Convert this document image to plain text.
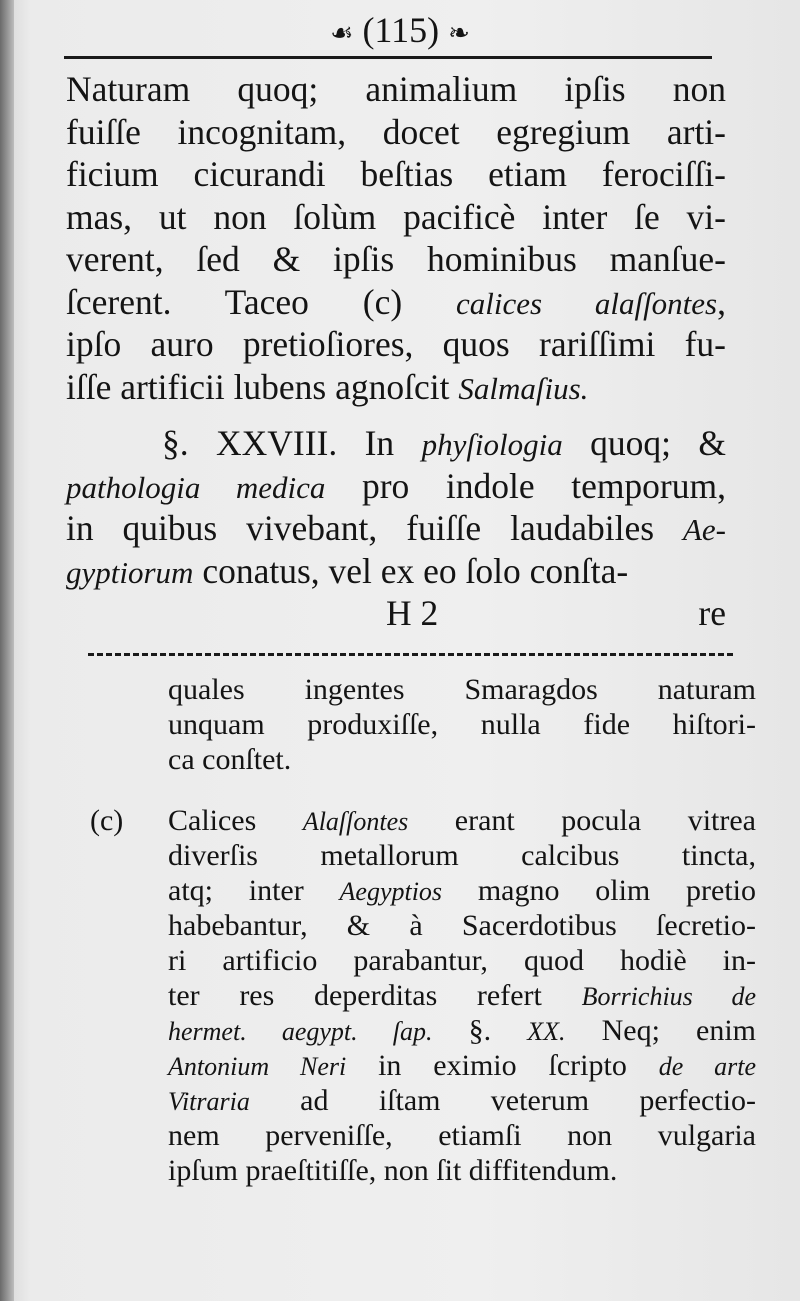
☙ (115) ❧
Naturam quoq; animalium ipſis non
fuiſſe incognitam, docet egregium arti-
ficium cicurandi beſtias etiam ferociſſi-
mas, ut non ſolùm pacificè inter ſe vi-
verent, ſed & ipſis hominibus manſue-
ſcerent. Taceo (c) calices alaſſontes,
ipſo auro pretioſiores, quos rariſſimi fu-
iſſe artificii lubens agnoſcit Salmaſius.
§. XXVIII. In phyſiologia quoq; &
pathologia medica pro indole temporum,
in quibus vivebant, fuiſſe laudabiles Ae-
gyptiorum conatus, vel ex eo ſolo conſta-
H 2	re
quales ingentes Smaragdos naturam
unquam produxiſſe, nulla fide hiſtori-
ca conſtet.
(c) Calices Alaſſontes erant pocula vitrea
diverſis metallorum calcibus tincta,
atq; inter Aegyptios magno olim pretio
habebantur, & à Sacerdotibus ſecretio-
ri artificio parabantur, quod hodiè in-
ter res deperditas refert Borrichius de
hermet. aegypt. ſap. §. XX. Neq; enim
Antonium Neri in eximio ſcripto de arte
Vitraria ad iſtam veterum perfectio-
nem perveniſſe, etiamſi non vulgaria
ipſum praeſtitiſſe, non ſit diffitendum.
